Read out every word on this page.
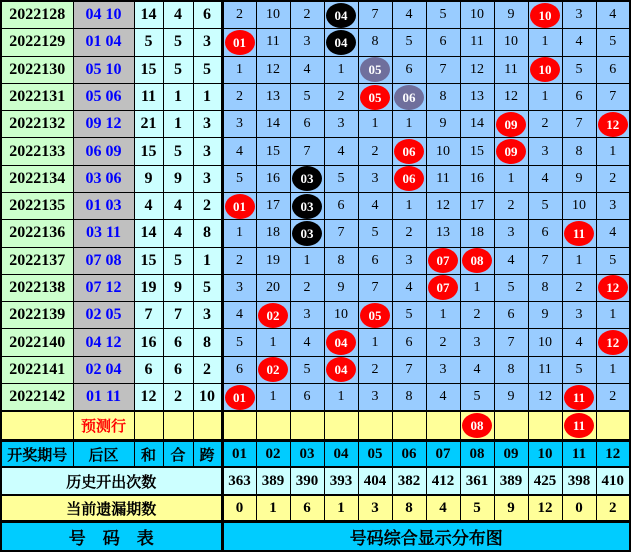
2022128	04 10	14	4	6	2	10	2	04	7	4	5	10	9	10	3	4
2022129	01 04	5	5	3	01	11	3	04	8	5	6	11	10	1	4	5
2022130	05 10	15	5	5	1	12	4	1	05	6	7	12	11	10	5	6
2022131	05 06	11	1	1	2	13	5	2	05	06	8	13	12	1	6	7
2022132	09 12	21	1	3	3	14	6	3	1	1	9	14	09	2	7	12

2022133	06 09	15	5	3	4	15	7	4	2	06	10	15	09	3	8	1
2022134	03 06	9	9	3	5	16	03	5	3	06	11	16	1	4	9	2
2022135	01 03	4	4	2	01	17	03	6	4	1	12	17	2	5	10	3
2022136	03 11	14	4	8	1	18	03	7	5	2	13	18	3	6	11	4
2022137	07 08	15	5	1	2	19	1	8	6	3	07	08	4	7	1	5
2022138	07 12	19	9	5	3	20	2	9	7	4	07	1	5	8	2	12

2022139	02 05	7	7	3	4	02	3	10	05	5	1	2	6	9	3	1
2022140	04 12	16	6	8	5	1	4	04	1	6	2	3	7	10	4	12

2022141	02 04	6	6	2	6	02	5	04	2	7	3	4	8	11	5	1
2022142	01 11	12	2	10	01	1	6	1	3	8	4	5	9	12	11	2
	预测行											08			11	

开奖期号	后区	和	合	跨	01	02	03	04	05	06	07	08	09	10	11	12
历史开出次数					363	389	390	393	404	382	412	361	389	425	398	410
当前遗漏期数					0	1	6	1	3	8	4	5	9	12	0	2
号　码　表					号码综合显示分布图											
